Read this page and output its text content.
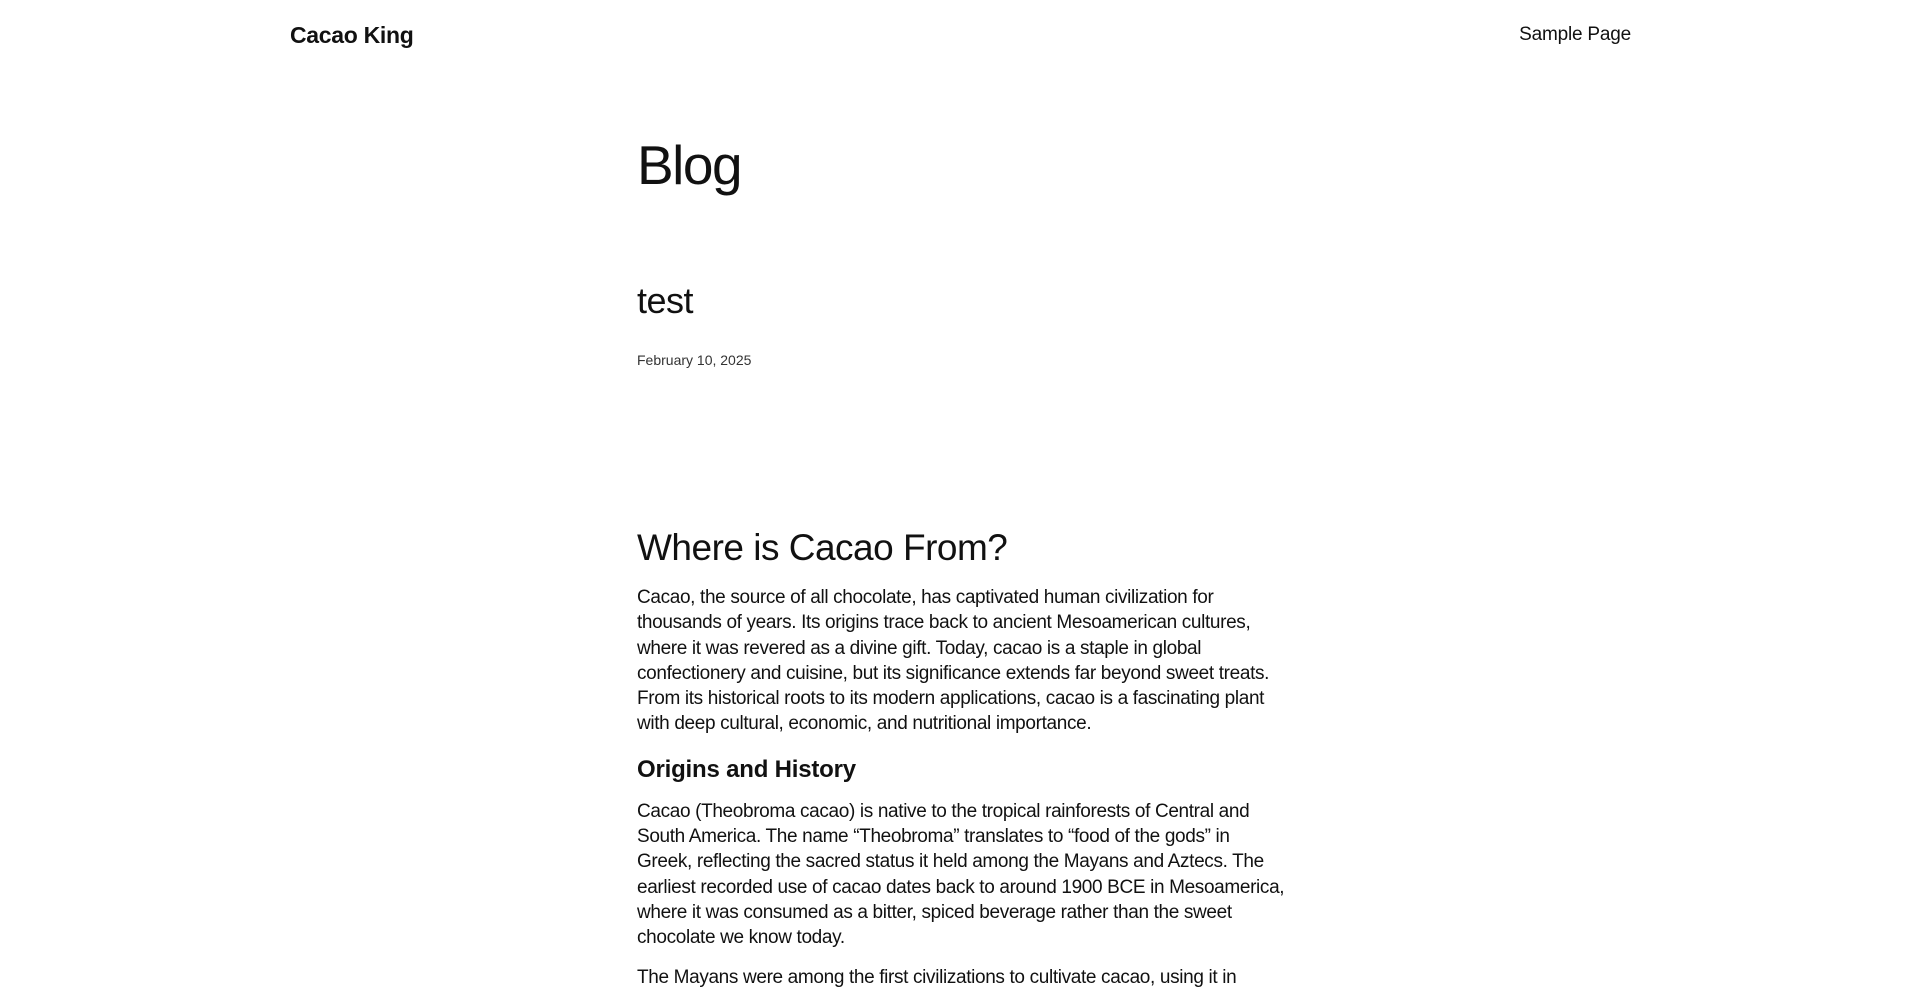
Cacao King	Sample Page
Blog
test
February 10, 2025
Where is Cacao From?

Cacao, the source of all chocolate, has captivated human civilization for thousands of years. Its origins trace back to ancient Mesoamerican cultures, where it was revered as a divine gift. Today, cacao is a staple in global confectionery and cuisine, but its significance extends far beyond sweet treats. From its historical roots to its modern applications, cacao is a fascinating plant with deep cultural, economic, and nutritional importance.

Origins and History

Cacao (Theobroma cacao) is native to the tropical rainforests of Central and South America. The name “Theobroma” translates to “food of the gods” in Greek, reflecting the sacred status it held among the Mayans and Aztecs. The earliest recorded use of cacao dates back to around 1900 BCE in Mesoamerica, where it was consumed as a bitter, spiced beverage rather than the sweet chocolate we know today.

The Mayans were among the first civilizations to cultivate cacao, using it in
